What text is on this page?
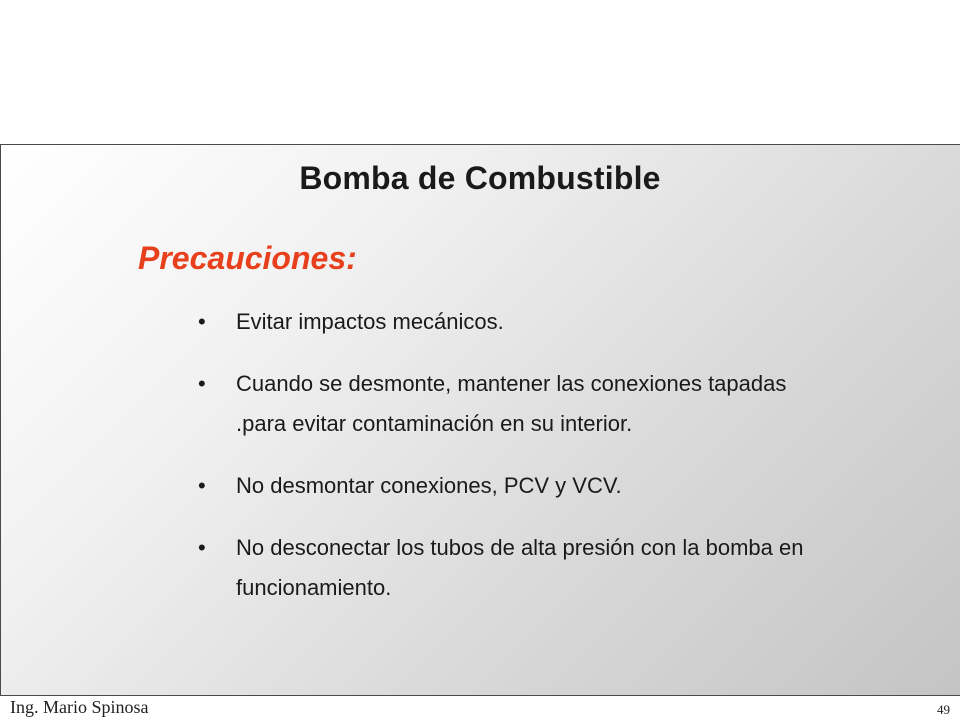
Bomba de Combustible
Precauciones:
•	Evitar impactos mecánicos.
•	Cuando se desmonte, mantener las conexiones tapadas
.para evitar contaminación en su interior.
•	No desmontar conexiones, PCV y VCV.
•	No desconectar los tubos de alta presión con la bomba en
funcionamiento.
Ing. Mario Spinosa	49
